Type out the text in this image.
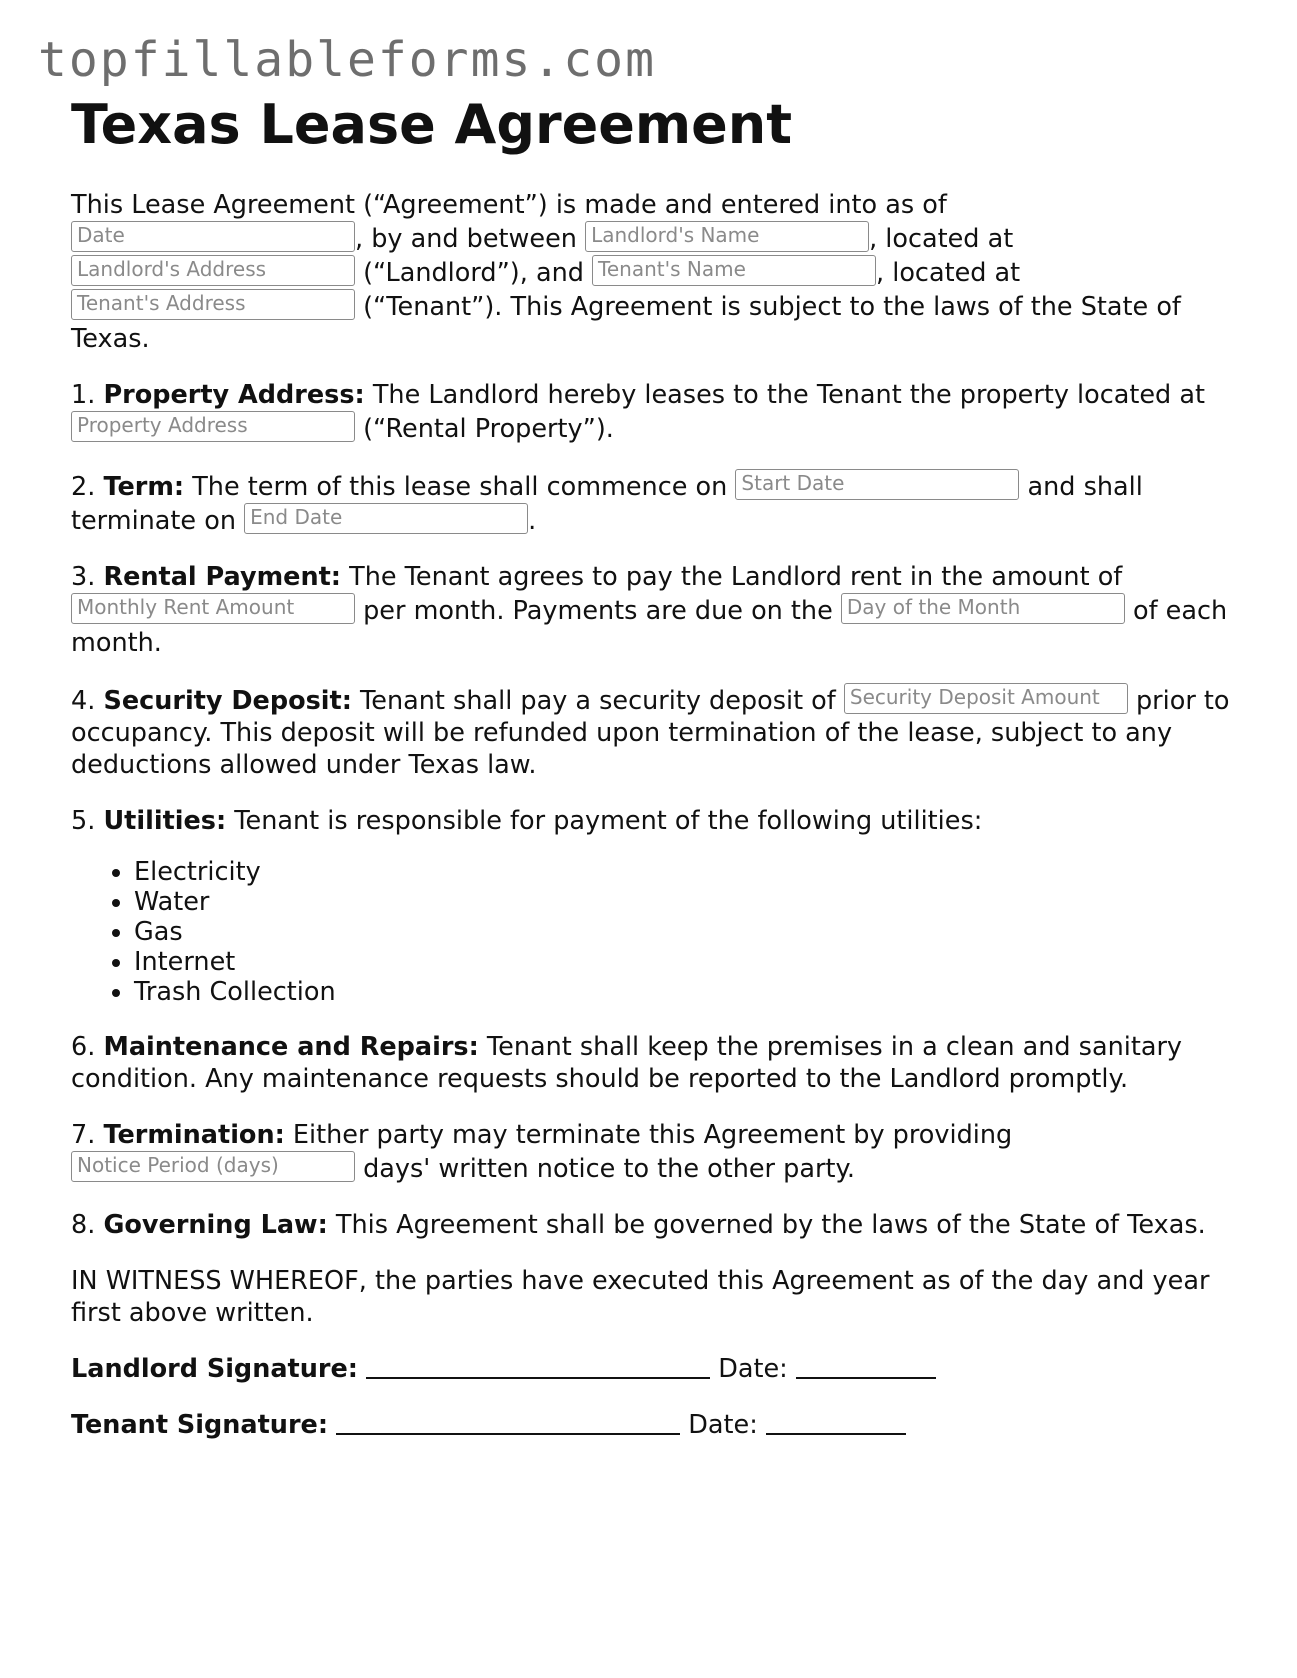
topfillableforms.com
Texas Lease Agreement

This Lease Agreement (“Agreement”) is made and entered into as of
Date	, by and between Landlord's Name	, located at
Landlord's Address	(“Landlord”), and Tenant's Name	, located at
Tenant's Address	(“Tenant”). This Agreement is subject to the laws of the State of Texas.

1. Property Address: The Landlord hereby leases to the Tenant the property located at
Property Address	(“Rental Property”).

2. Term: The term of this lease shall commence on Start Date	and shall terminate on End Date	.

3. Rental Payment: The Tenant agrees to pay the Landlord rent in the amount of
Monthly Rent Amount	per month. Payments are due on the Day of the Month	of each month.

4. Security Deposit: Tenant shall pay a security deposit of Security Deposit Amount prior to occupancy. This deposit will be refunded upon termination of the lease, subject to any deductions allowed under Texas law.

5. Utilities: Tenant is responsible for payment of the following utilities:

• Electricity
• Water
• Gas
• Internet
• Trash Collection

6. Maintenance and Repairs: Tenant shall keep the premises in a clean and sanitary condition. Any maintenance requests should be reported to the Landlord promptly.

7. Termination: Either party may terminate this Agreement by providing
Notice Period (days)	days' written notice to the other party.

8. Governing Law: This Agreement shall be governed by the laws of the State of Texas.

IN WITNESS WHEREOF, the parties have executed this Agreement as of the day and year first above written.

Landlord Signature:	Date:

Tenant Signature:	Date:
